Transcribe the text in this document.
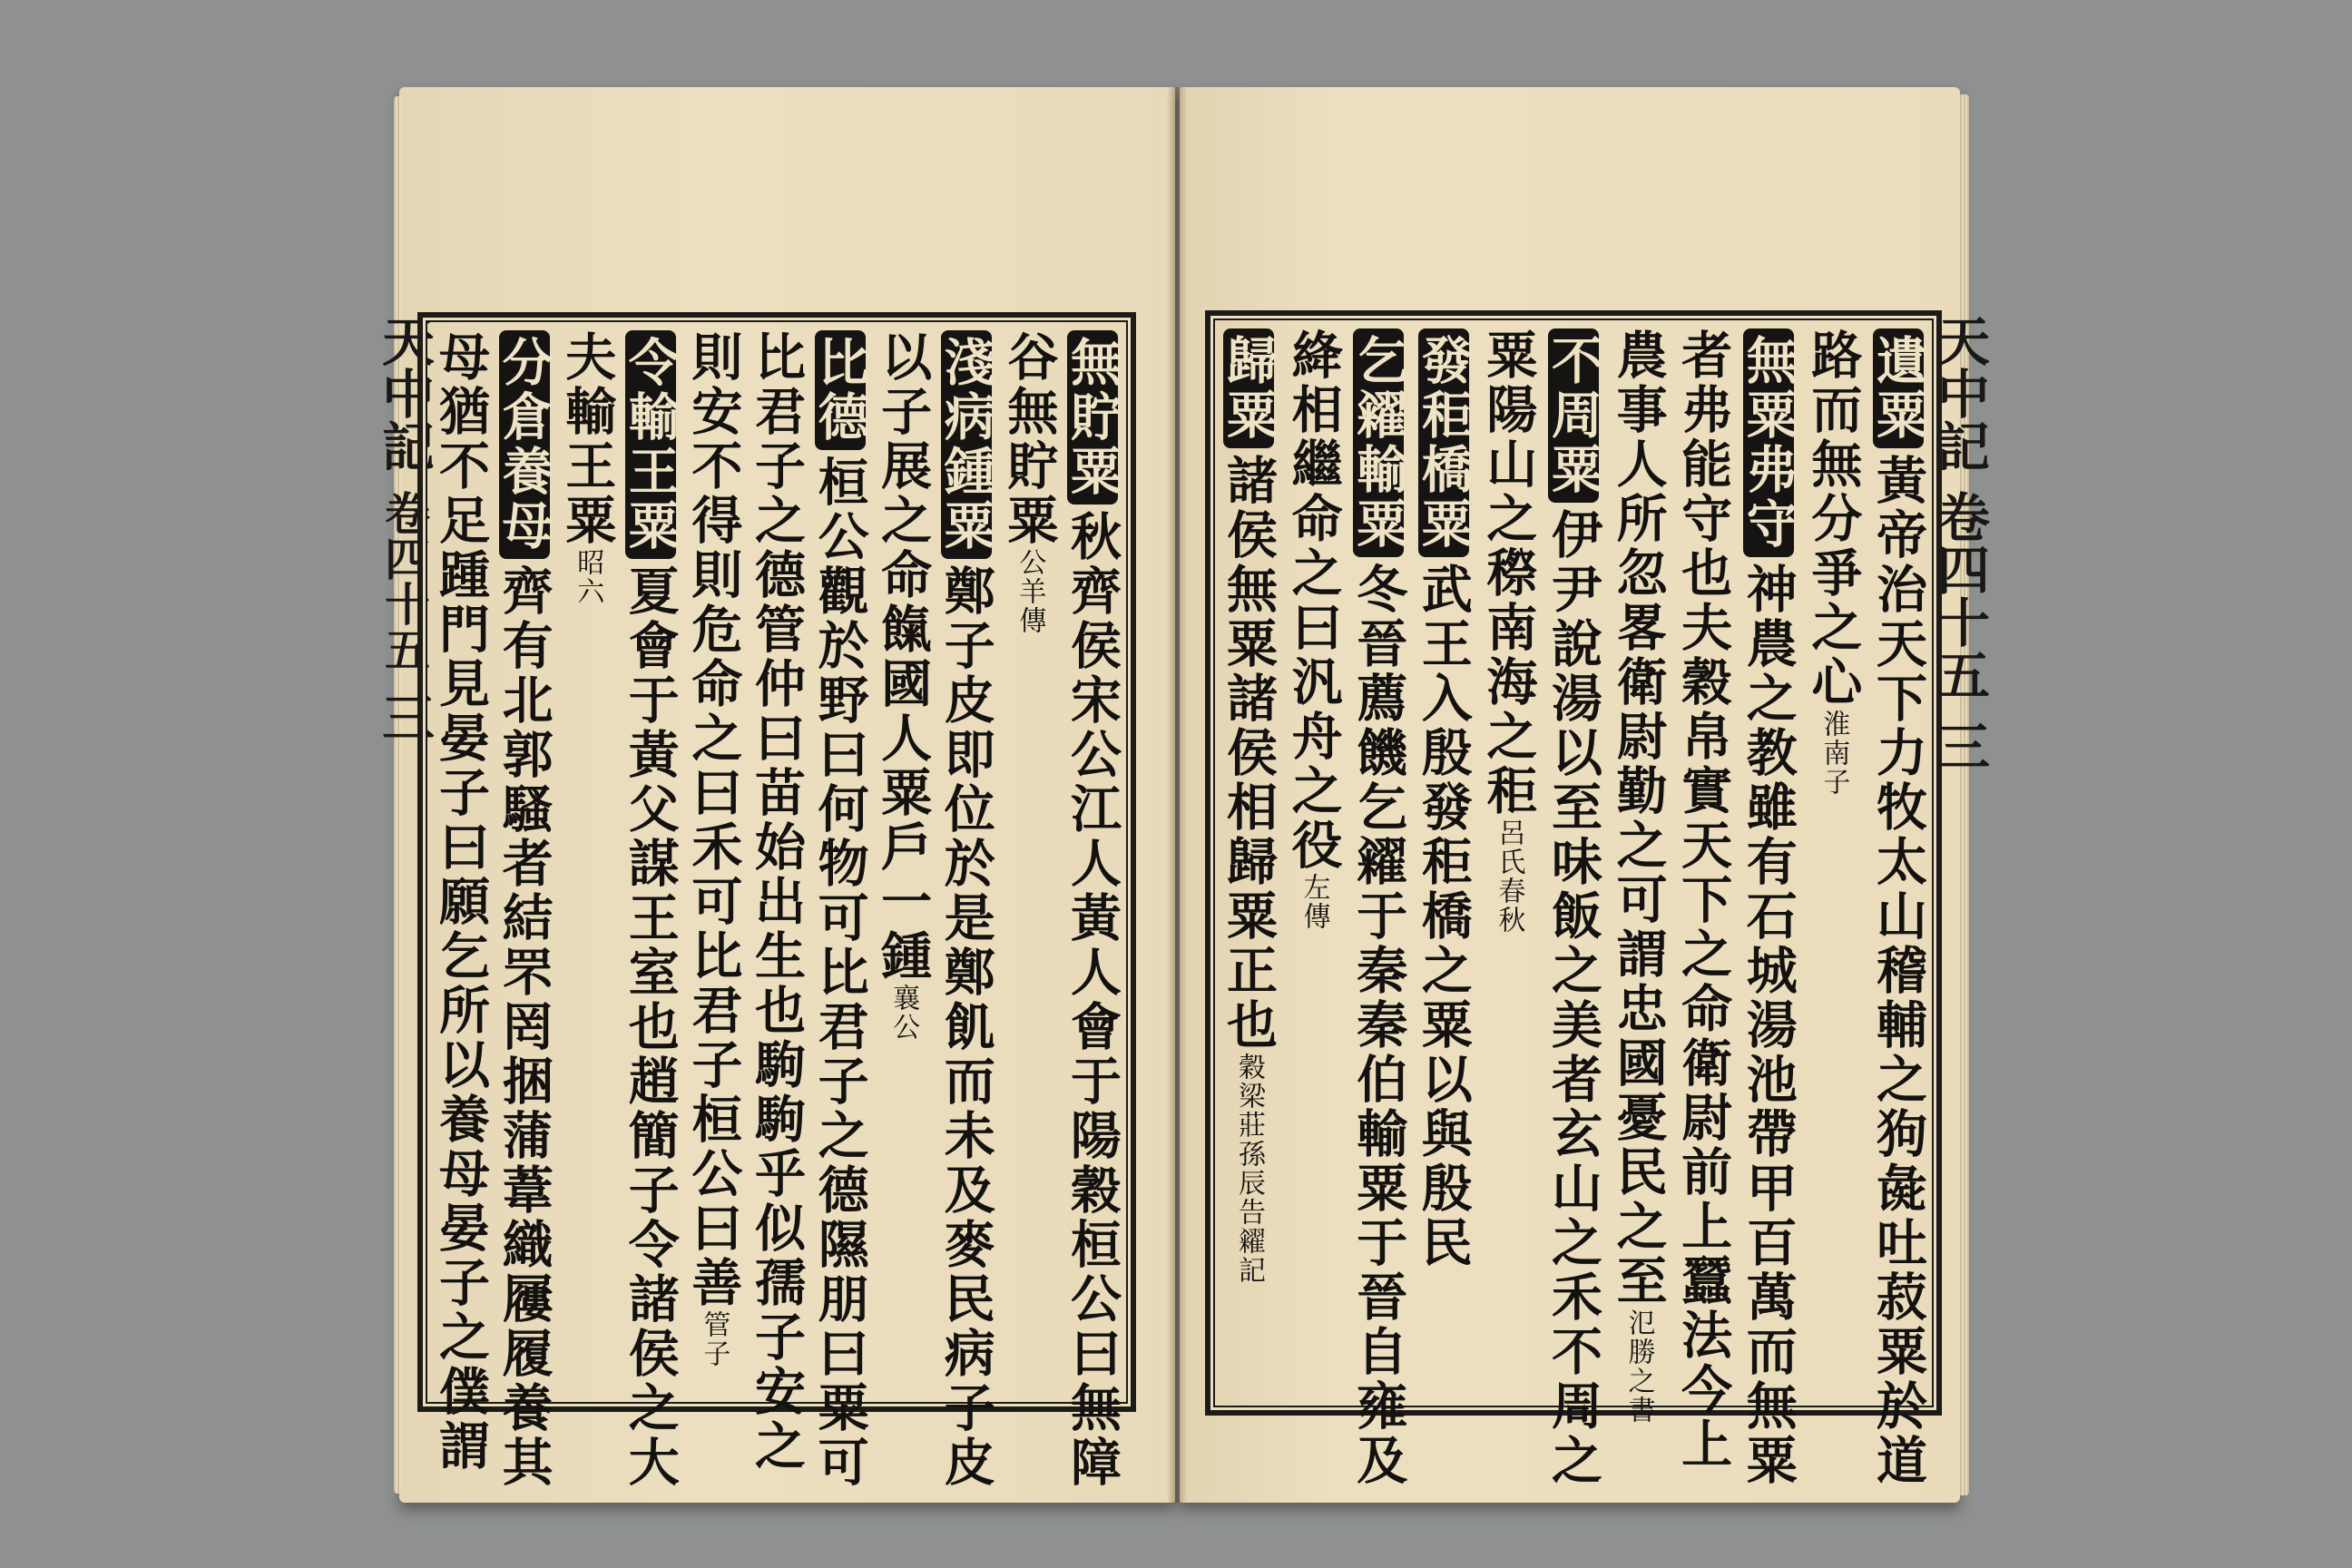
天中記 卷四十五 三
無貯粟秋齊侯宋公江人黃人會于陽穀桓公曰無障
谷無貯粟公羊傳
淺病鍾粟鄭子皮即位於是鄭飢而未及麥民病子皮
以子展之命餼國人粟戶一鍾襄公
比德桓公觀於野曰何物可比君子之德隰朋曰粟可
比君子之德管仲曰苗始出生也駒駒乎似孺子安之
則安不得則危命之曰禾可比君子桓公曰善管子
令輸王粟夏會于黃父謀王室也趙簡子令諸侯之大
夫輸王粟昭六
分倉養母齊有北郭騷者結罘罔捆蒲葦織屨履養其
母猶不足踵門見晏子曰願乞所以養母晏子之僕謂	遺粟黃帝治天下力牧太山稽輔之狗彘吐菽粟於道
路而無分爭之心淮南子
無粟弗守神農之教雖有石城湯池帶甲百萬而無粟
者弗能守也夫穀帛實天下之命衛尉前上蠶法今上
農事人所忽畧衛尉勤之可謂忠國憂民之至氾勝之書
不周粟伊尹說湯以至味飯之美者玄山之禾不周之
粟陽山之穄南海之秬呂氏春秋
發秬橋粟武王入殷發秬橋之粟以與殷民
乞糴輸粟冬晉薦饑乞糴于秦秦伯輸粟于晉自雍及
絳相繼命之曰汎舟之役左傳
歸粟諸侯無粟諸侯相歸粟正也穀梁莊孫辰告糴記
天中記 卷四十五 三
